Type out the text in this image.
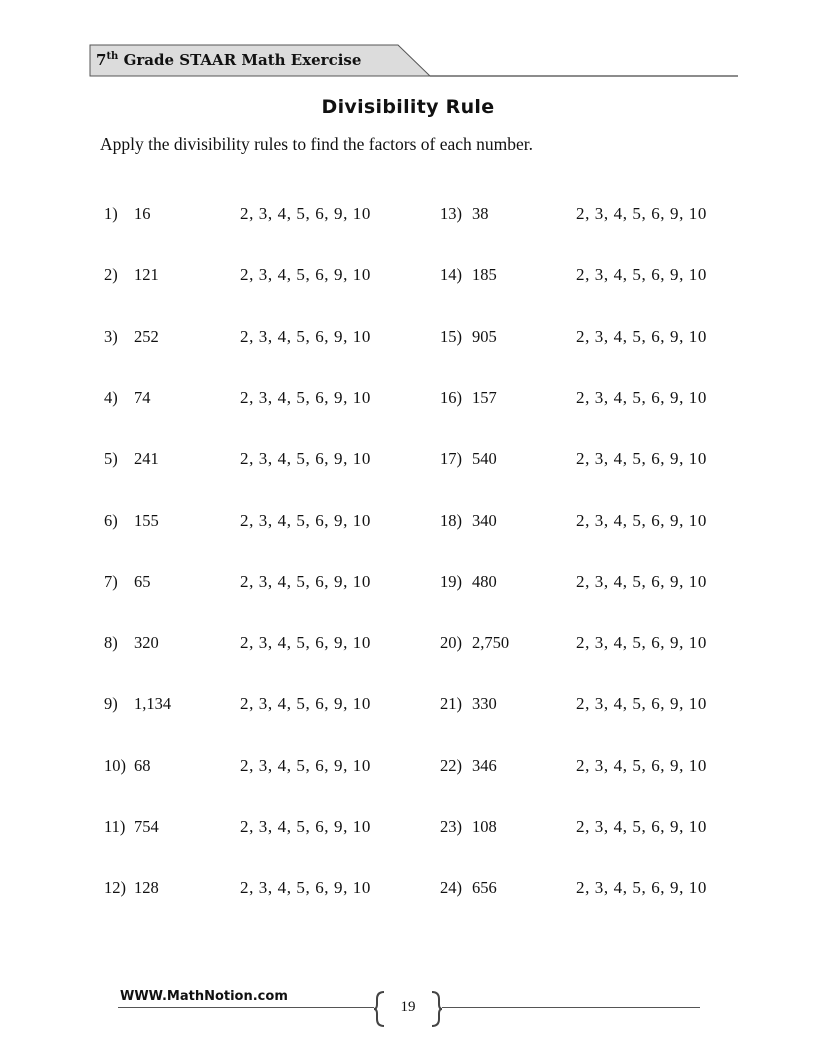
7th Grade STAAR Math Exercise
Divisibility Rule
Apply the divisibility rules to find the factors of each number.
1) 16	2, 3, 4, 5, 6, 9, 10
2) 121	2, 3, 4, 5, 6, 9, 10
3) 252	2, 3, 4, 5, 6, 9, 10
4) 74	2, 3, 4, 5, 6, 9, 10
5) 241	2, 3, 4, 5, 6, 9, 10
6) 155	2, 3, 4, 5, 6, 9, 10
7) 65	2, 3, 4, 5, 6, 9, 10
8) 320	2, 3, 4, 5, 6, 9, 10
9) 1,134	2, 3, 4, 5, 6, 9, 10
10) 68	2, 3, 4, 5, 6, 9, 10
11) 754	2, 3, 4, 5, 6, 9, 10
12) 128	2, 3, 4, 5, 6, 9, 10
13) 38	2, 3, 4, 5, 6, 9, 10
14) 185	2, 3, 4, 5, 6, 9, 10
15) 905	2, 3, 4, 5, 6, 9, 10
16) 157	2, 3, 4, 5, 6, 9, 10
17) 540	2, 3, 4, 5, 6, 9, 10
18) 340	2, 3, 4, 5, 6, 9, 10
19) 480	2, 3, 4, 5, 6, 9, 10
20) 2,750	2, 3, 4, 5, 6, 9, 10
21) 330	2, 3, 4, 5, 6, 9, 10
22) 346	2, 3, 4, 5, 6, 9, 10
23) 108	2, 3, 4, 5, 6, 9, 10
24) 656	2, 3, 4, 5, 6, 9, 10
WWW.MathNotion.com
19
